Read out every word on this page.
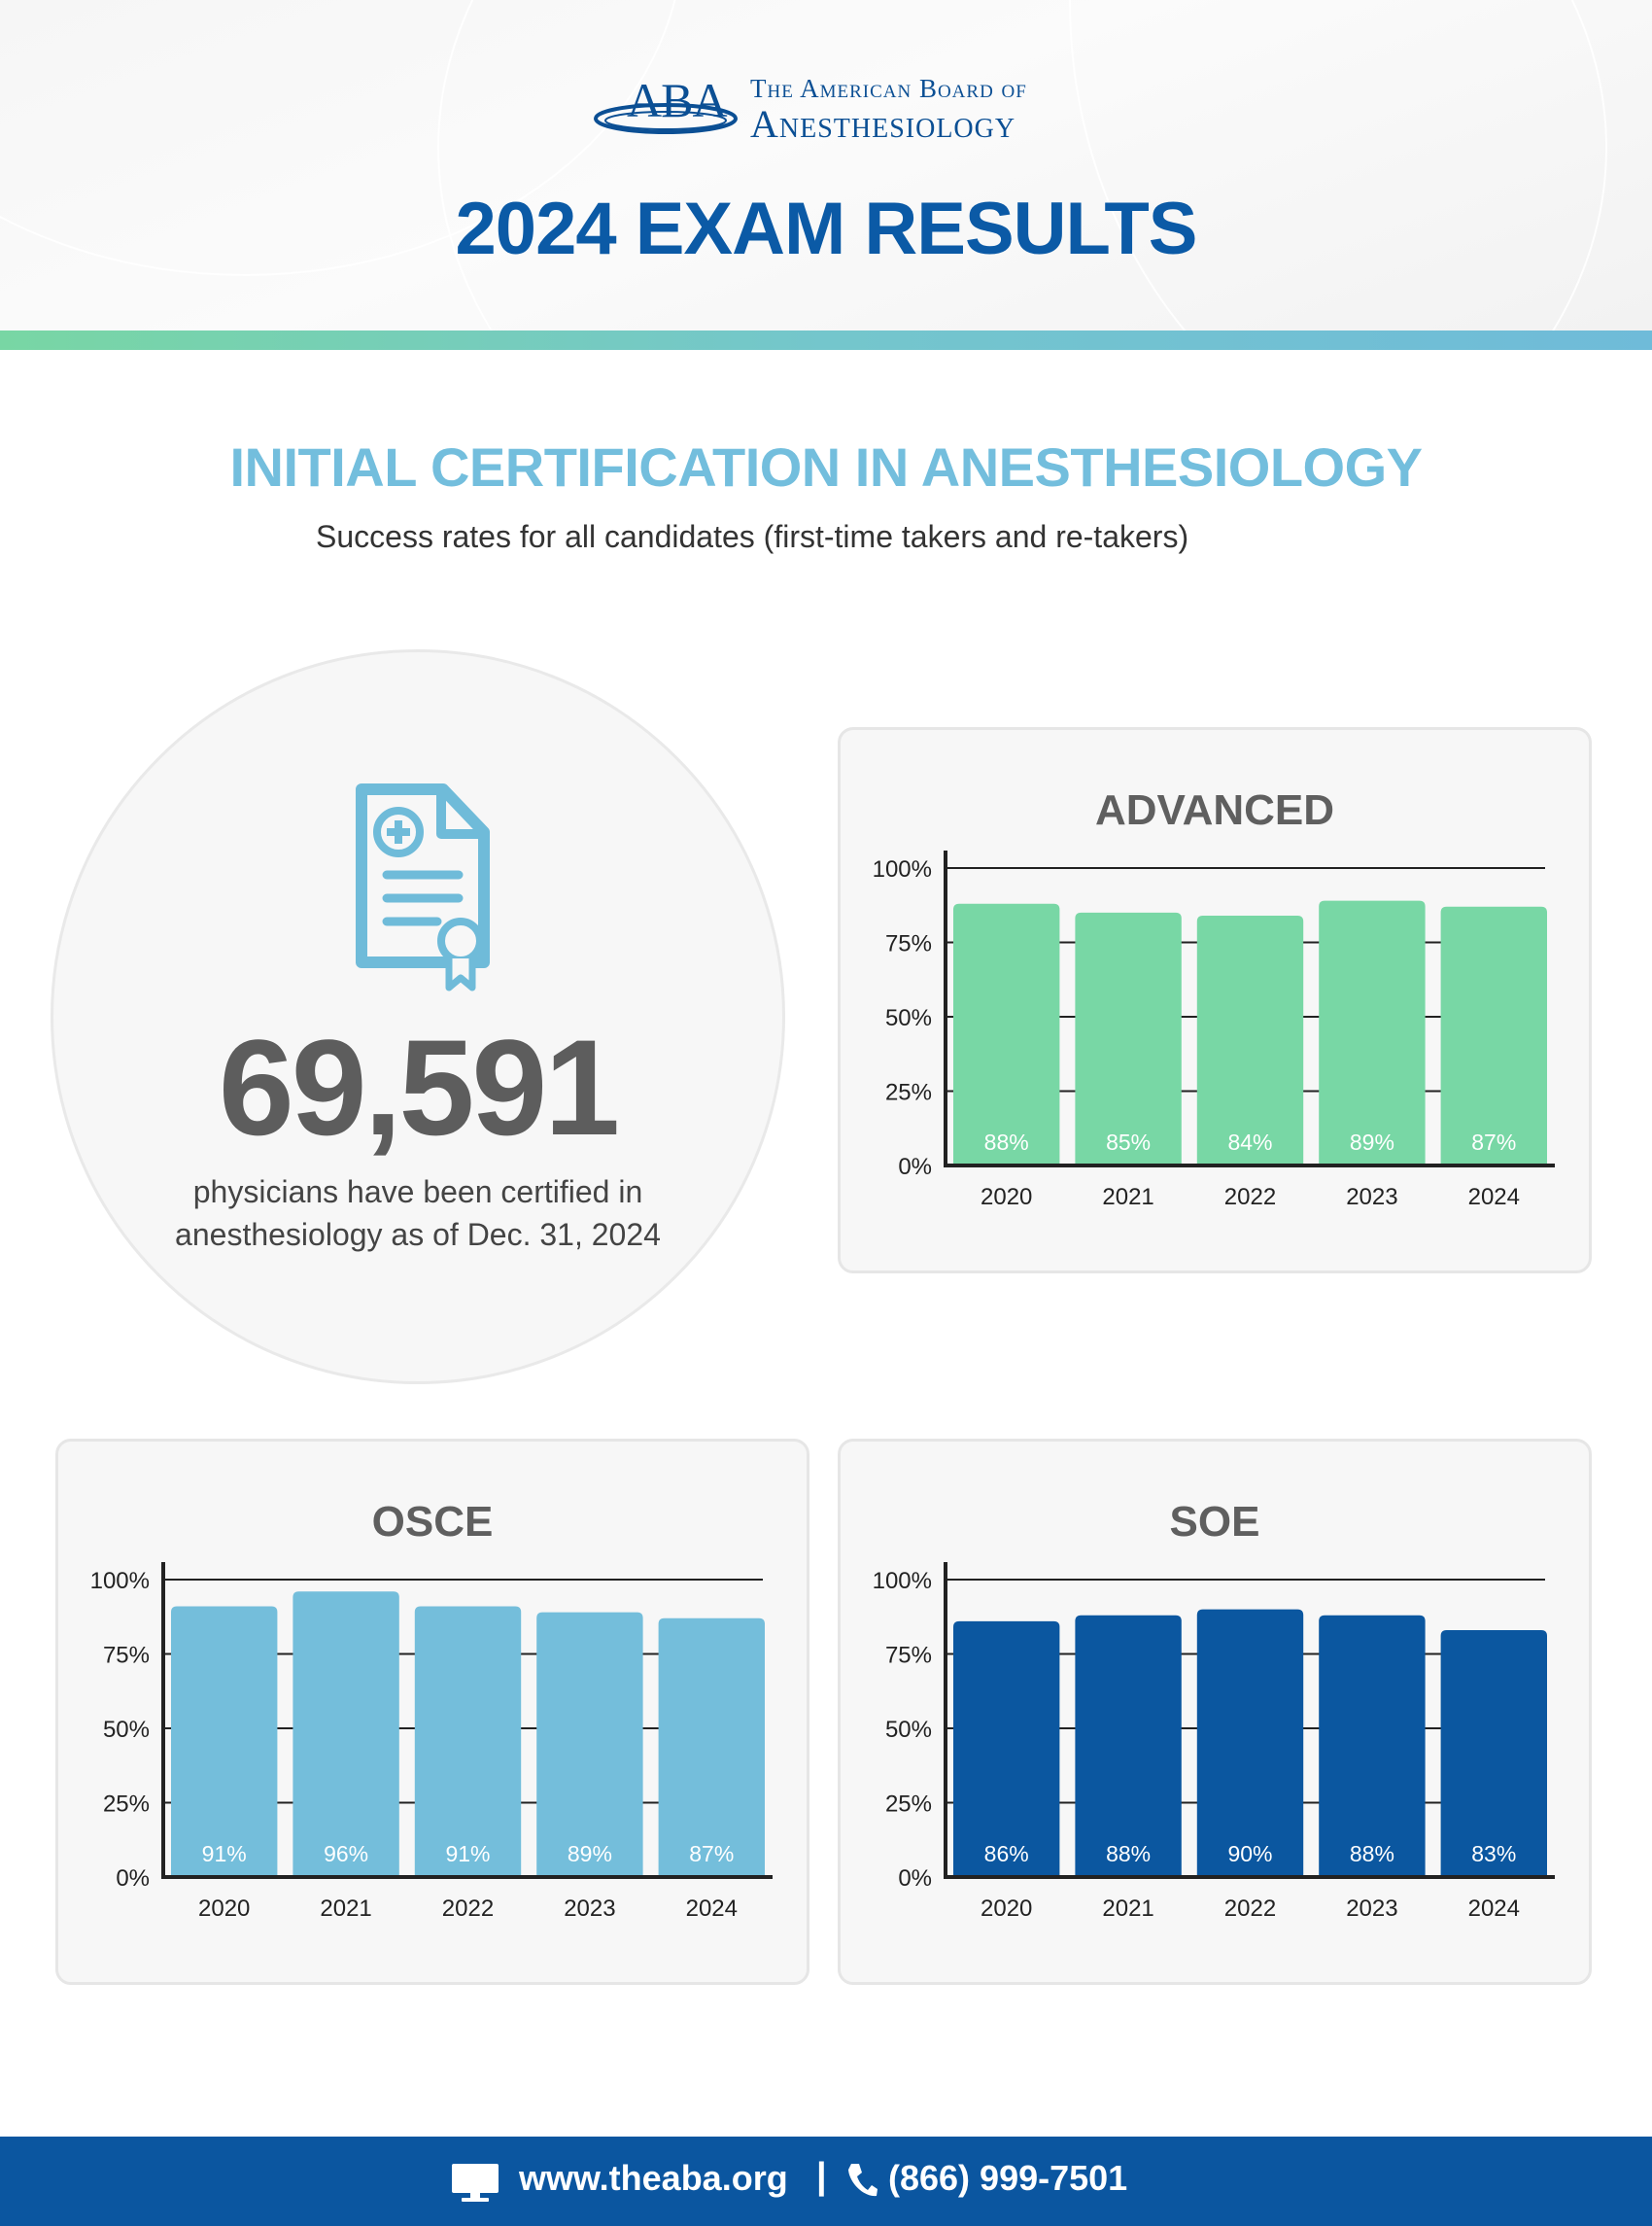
ABA The American Board of
Anesthesiology
2024 EXAM RESULTS
INITIAL CERTIFICATION IN ANESTHESIOLOGY
Success rates for all candidates (first-time takers and re-takers)
69,591
physicians have been certified in
anesthesiology as of Dec. 31, 2024
ADVANCED
0%
25%
50%
75%
100%
88%
2020
85%
2021
84%
2022
89%
2023
87%
2024
OSCE
0%
25%
50%
75%
100%
91%
2020
96%
2021
91%
2022
89%
2023
87%
2024
SOE
0%
25%
50%
75%
100%
86%
2020
88%
2021
90%
2022
88%
2023
83%
2024
www.theaba.org | (866) 999-7501
